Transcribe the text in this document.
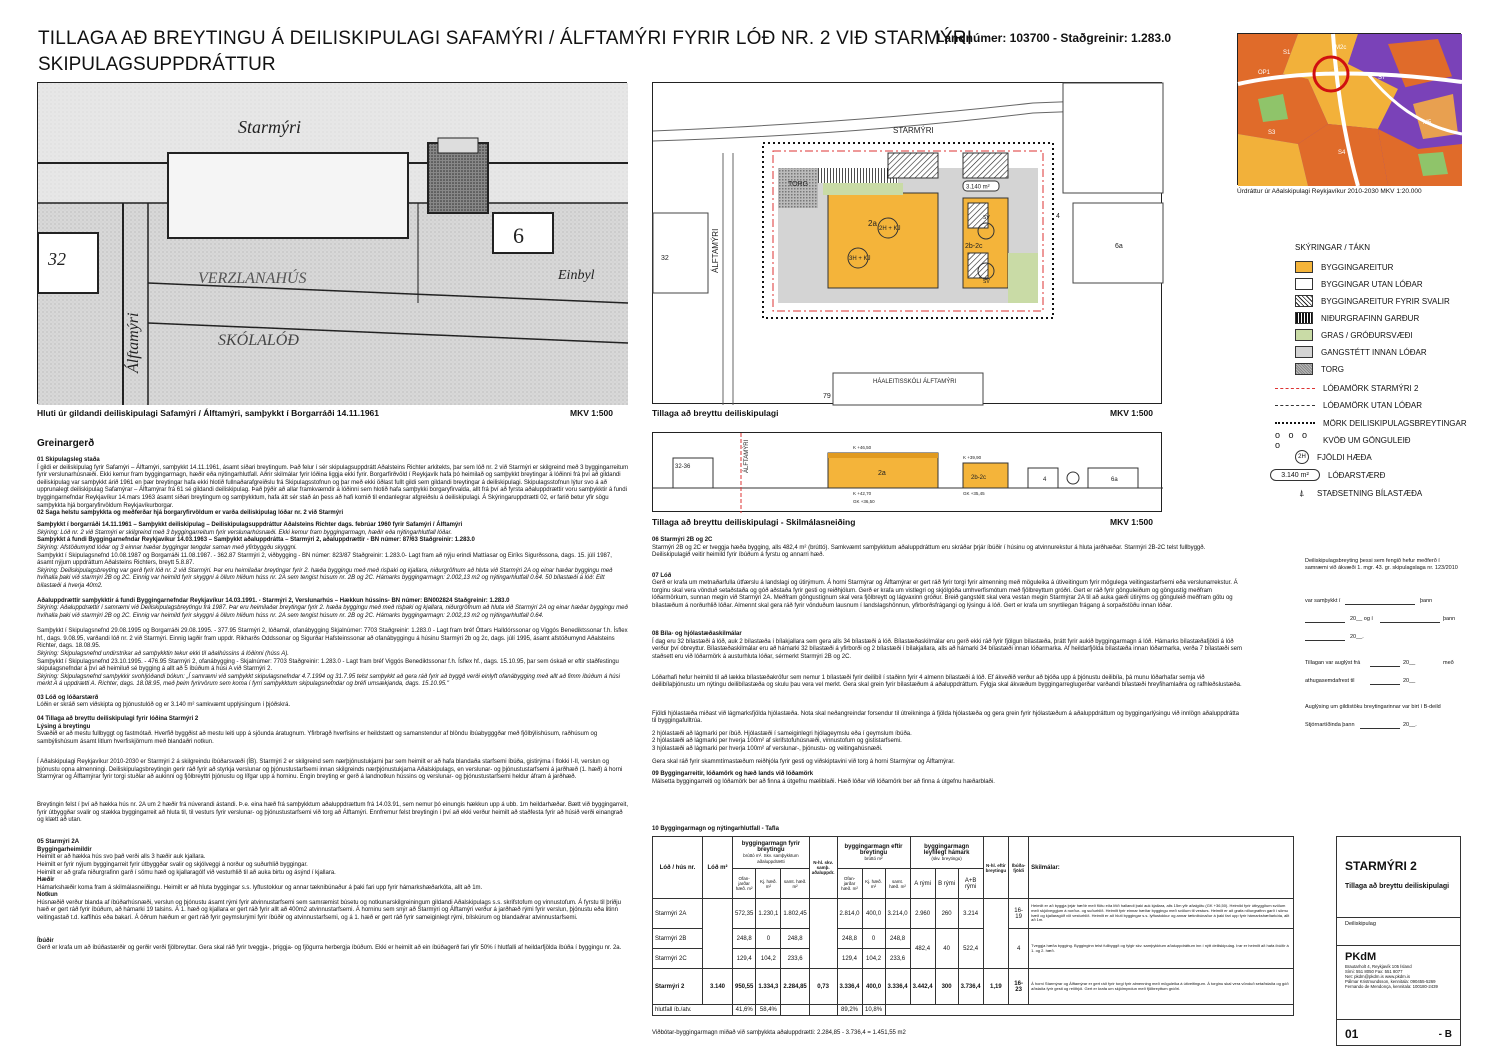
TILLAGA AÐ BREYTINGU Á DEILISKIPULAGI SAFAMÝRI / ÁLFTAMÝRI FYRIR LÓÐ NR. 2 VIÐ STARMÝRI
SKIPULAGSUPPDRÁTTUR
Landnúmer: 103700 - Staðgreinir: 1.283.0
OP1
S1
M2c
S7
S3
S4
M5
Úrdráttur úr Aðalskipulagi Reykjavíkur 2010-2030 MKV 1:20.000
SKÝRINGAR / TÁKN
BYGGINGAREITUR
BYGGINGAR UTAN LÓÐAR
BYGGINGAREITUR FYRIR SVALIR
NIÐURGRAFINN GARÐUR
GRAS / GRÓÐURSVÆÐI
GANGSTÉTT INNAN LÓÐAR
TORG
LÓÐAMÖRK STARMÝRI 2
LÓÐAMÖRK UTAN LÓÐAR
MÖRK DEILISKIPULAGSBREYTINGAR
o o o o	KVÖÐ UM GÖNGULEIÐ
2H	FJÖLDI HÆÐA
3.140 m²	LÓÐARSTÆRÐ
⍋	STAÐSETNING BÍLASTÆÐA
Starmýri
32
6
Einbyl
VERZLANAHÚS
SKÓLALÓÐ
Álftamýri
Hluti úr gildandi deiliskipulagi Safamýri / Álftamýri, samþykkt í Borgarráði 14.11.1961	MKV 1:500
2a
2b-2c
3H + KJ
2H + KJ
SV
SV
STARMÝRI
ÁLFTAMÝRI
TORG	3.140 m²
32
4
6a
79
HÁALEITISSKÓLI ÁLFTAMÝRI
Tillaga að breyttu deiliskipulagi	MKV 1:500
32-36	ÁLFTAMÝRI
2a
2b-2c	4	6a
K +46,50
K +42,70
GK +36,50
K +39,90
GK +35,45
Tillaga að breyttu deiliskipulagi - Skilmálasneiðing	MKV 1:500
Greinargerð
01 Skipulagsleg staða
Í gildi er deiliskipulag fyrir Safamýri – Álftamýri, samþykkt 14.11.1961, ásamt síðari breytingum. Það felur í sér skipulagsuppdrátt Aðalsteins Richter arkitekts, þar sem lóð nr. 2 við Starmýri er skilgreind með 3 byggingarreitum fyrir verslunarhúsnæði. Ekki kemur fram byggingarmagn, hæðir eða nýtingarhlutfall. Aðrir skilmálar fyrir lóðina liggja ekki fyrir. Borgarfirðvöld í Reykjavík hafa þó heimilað og samþykkt breytingar á lóðinni frá því að gildandi deiliskipulag var samþykkt árið 1961 en þær breytingar hafa ekki hlotið fullnaðarafgreiðslu frá Skipulagsstofnun og þar með ekki öðlast fullt gildi sem gildandi breytingar á deiliskipulagi. Skipulagsstofnun lýtur svo á að upprunalegt deiliskipulag Safamýrar – Álftamýrar frá 61 sé gildandi deiliskipulag. Það þýðir að allar framkvæmdir á lóðinni sem hlotið hafa samþykki borgaryfirvalda, allt frá því að fyrsta aðaluppdrættir voru samþykktir á fundi byggingarnefndar Reykjavíkur 14.mars 1963 ásamt síðari breytingum og samþykktum, hafa átt sér stað án þess að hafi komið til endanlegrar afgreiðslu á deiliskipulagi. Á Skýringaruppdrætti 02, er farið betur yfir sögu samþykkta hjá borgaryfirvöldum Reykjavíkurborgar.
02 Saga helstu samþykkta og meðferðar hjá borgaryfirvöldum er varða deiliskipulag lóðar nr. 2 við Starmýri
Samþykkt í borgarráði 14.11.1961 – Samþykkt deiliskipulag – Deiliskipulagsuppdráttur Aðalsteins Richter dags. febrúar 1960 fyrir Safamýri / Álftamýri
Skýring: Lóð nr. 2 við Starmýri er skilgreind með 3 byggingarreitum fyrir verslunarhúsnæði. Ekki kemur fram byggingarmagn, hæðir eða nýtingarhlutfall lóðar.
Samþykkt á fundi Byggingarnefndar Reykjavíkur 14.03.1963 – Samþykkt aðaluppdrátta – Starmýri 2, aðaluppdrættir - BN númer: 87/63 Staðgreinir: 1.283.0
Skýring: Afstöðumynd lóðar og 3 einnar hæðar byggingar tengdar saman með yfirbyggðu skyggni.
Samþykkt í Skipulagsnefnd 10.08.1987 og Borgarráði 11.08.1987. - 362.87 Starmýri 2, viðbygging - BN númer: 823/87 Staðgreinir: 1.283.0- Lagt fram að nýju erindi Mattíasar og Eiríks Sigurðssona, dags. 15. júlí 1987, ásamt nýjum uppdráttum Aðalsteins Richters, breytt 5.8.87.
Skýring: Deiliskipulagsbreyting var gerð fyrir lóð nr. 2 við Starmýri. Þar eru heimilaðar breytingar fyrir 2. hæða byggingu með með risþaki og kjallara, niðurgröfnum að hluta við Starmýri 2A og einar hæðar byggingu með hvíhalla þaki við starmýri 2B og 2C. Einnig var heimild fyrir skyggni á öllum hliðum húss nr. 2A sem tengist húsum nr. 2B og 2C. Hámarks byggingarmagn: 2.002,13 m2 og nýtingarhlutfall 0.64. 50 bílastæði á lóð: Eitt bílastæði á hverja 40m2.
Aðaluppdrættir samþykktir á fundi Byggingarnefndar Reykjavíkur 14.03.1991. - Starmýri 2, Verslunarhús – Hækkun hússins- BN númer: BN002824 Staðgreinir: 1.283.0
Skýring: Aðaluppdrættir í samræmi við Deiliskipulagsbreytingu frá 1987. Þar eru heimilaðar breytingar fyrir 2. hæða byggingu með með risþaki og kjallara, niðurgröfnum að hluta við Starmýri 2A og einar hæðar byggingu með hvíhalla þaki við starmýri 2B og 2C. Einnig var heimild fyrir skyggni á öllum hliðum húss nr. 2A sem tengist húsum nr. 2B og 2C. Hámarks byggingarmagn: 2.002,13 m2 og nýtingarhlutfall 0.64.
Samþykkt í Skipulagsnefnd 29.08.1995 og Borgarráði 29.08.1995. - 377.95 Starmýri 2, lóðamál, ofanábygging Skjalnúmer: 7703 Staðgreinir: 1.283.0 - Lagt fram bréf Óttars Halldórssonar og Viggós Benediktssonar f.h. Ísflex hf., dags. 9.08.95, varðandi lóð nr. 2 við Starmýri. Einnig lagðir fram uppdr. Rikharðs Oddssonar og Sigurðar Hafsteinssonar að ofanábyggingu á húsinu Starmýri 2b og 2c, dags. júlí 1995, ásamt afstöðumynd Aðalsteins Richter, dags. 18.08.95.
Skýring: Skipulagsnefnd undirstrikar að samþykktin tekur ekki til aðalhússins á lóðinni (húss A).
Samþykkt í Skipulagsnefnd 23.10.1995. - 476.95 Starmýri 2, ofanábygging - Skjalnúmer: 7703 Staðgreinir: 1.283.0 - Lagt fram bréf Viggós Benediktssonar f.h. Ísflex hf., dags. 15.10.95, þar sem óskað er eftir staðfestingu skipulagsnefndar á því að heimiluð sé bygging á allt að 5 íbúðum á húsi A við Starmýri 2.
Skýring: Skipulagsnefnd samþykkir svohljóðandi bókun: „Í samræmi við samþykkt skipulagsnefndar 4.7.1994 og 31.7.95 telst samþykkt að gera ráð fyrir að byggð verði einlyft ofanábygging með allt að fimm íbúðum á húsi merkt A á uppdrætti A. Richter, dags. 18.08.95, með þeim fyrirvörum sem koma í fyrri samþykktum skipulagsnefndar og bréfi umsækjanda, dags. 15.10.95."
03 Lóð og lóðarstærð
Lóðin er skráð sem viðskipta og þjónustulóð og er 3.140 m² samkvæmt upplýsingum í þjóðskrá.
04 Tillaga að breyttu deiliskipulagi fyrir lóðina Starmýri 2
Lýsing á breytingu
Svæðið er að mestu fullbyggt og fastmótað. Hverfið byggðist að mestu leiti upp á sjöunda áratugnum. Yfirbragð hverfisins er heildstætt og samanstendur af blöndu íbúabygggðar með fjölbýlishúsum, raðhúsum og sambýlishúsum ásamt litlum hverfiskjörnum með blandaðri notkun.
Í Aðalskipulagi Reykjavíkur 2010-2030 er Starmýri 2 á skilgreindu íbúðarsvæði (ÍB). Starmýri 2 er skilgreind sem nærþjónustukjarni þar sem heimilt er að hafa blandaða starfsemi íbúða, gistirýma í flokki I-II, verslun og þjónustu opna almenningi. Deiliskipulagsbreytingin gerir ráð fyrir að styrkja verslunar og þjónustustarfsemi innan skilgreinds nærþjónustukjarna Aðalskipulags, en verslunar- og þjónustustarfsemi á jarðhæð (1. hæð) á horni Starmýrar og Álftamýrar fyrir torgi stuðlar að aukinni og fjölbreyttri þjónustu og lífgar upp á horninu. Engin breyting er gerð á landnotkun hússins og verslunar- og þjónustustarfsemi heldur áfram á jarðhæð.
Breytingin felst í því að hækka hús nr. 2A um 2 hæðir frá núverandi ástandi. Þ.e. eina hæð frá samþykktum aðaluppdrættum frá 14.03.91, sem nemur þó einungis hækkun upp á ubb. 1m heildarhæðar. Bætt við byggingarreit, fyrir útbyggðar svalir og stækka byggingarreit að hluta til, til vesturs fyrir verslunar- og þjónustustarfsemi við torg að Álftamýri. Ennfremur felst breytingin í því að ekki verður heimilt að staðfesta fyrir að húsið verði einangrað og klætt að utan.
05 Starmýri 2A
Byggingarheimildir
Heimilt er að hækka hús svo það verði alls 3 hæðir auk kjallara.
Heimilt er fyrir nýjum byggingarreit fyrir útbyggðar svalir og skjólveggi á norður og suðurhlið byggingar.
Heimilt er að grafa niðurgrafinn garð í sömu hæð og kjallaragólf við vesturhlið til að auka birtu og ásýnd í kjallara.
Hæðir
Hámarkshæðir koma fram á skilmálasneiðingu. Heimilt er að hluta byggingar s.s. lyftustokkur og annar tæknibúnaður á þaki fari upp fyrir hámarkshæðarkóta, allt að 1m.
Notkun
Húsnæðið verður blanda af íbúðarhúsnæði, verslun og þjónustu ásamt rými fyrir atvinnustarfsemi sem samræmist búsetu og notkunarskilgreiningum gildandi Aðalskipulags s.s. skrifstofum og vinnustofum. Á fyrstu til þriðju hæð er gert ráð fyrir íbúðum, að hámarki 19 talsins. Á 1. hæð og kjallara er gert ráð fyrir allt að 400m2 atvinnustarfsemi. Á horninu sem snýr að Starmýri og Álftamýri verður á jarðhæð rými fyrir verslun, þjónustu eða litinn veitingastað t.d. kaffihús eða bakarí. Á öðrum hæðum er gert ráð fyrir geymslurými fyrir íbúðir og atvinnustarfsemi, og á 1. hæð er gert ráð fyrir sameiginlegt rými, bílskúrum og blandaðrar atvinnustarfsemi.
Íbúðir
Gerð er krafa um að íbúðastærðir og gerðir verði fjölbreyttar. Gera skal ráð fyrir tveggja-, þriggja- og fjögurra herbergja íbúðum. Ekki er heimilt að ein íbúðagerð fari yfir 50% í hlutfalli af heildarfjölda íbúða í byggingu nr. 2a.
06 Starmýri 2B og 2C
Starmýri 2B og 2C er tveggja hæða bygging, alls 482,4 m² (brúttó). Samkvæmt samþykktum aðaluppdráttum eru skráðar þrjár íbúðir í húsinu og atvinnurekstur á hluta jarðhæðar. Starmýri 2B-2C telst fullbyggð. Deiliskipulagið veitir heimild fyrir íbúðum á fyrstu og annarri hæð.
07 Lóð
Gerð er krafa um metnaðarfulla útfærslu á landslagi og útirýmum. Á horni Starmýrar og Álftamýrar er gert ráð fyrir torgi fyrir almenning með möguleika á útiveitingum fyrir mögulega veitingastarfsemi eða verslunarrekstur. Á torginu skal vera vönduð setaðstaða og góð aðstaða fyrir gesti og reiðhjólum. Gerð er krafa um vistlegri og skjólgóða umhverfismótum með fjölbreyttum gróðri. Gert er ráð fyrir gönguleiðum og göngustíg meðfram lóðarmörkum, sunnan megin við Starmýri 2A. Meðfram göngustígnum skal vera fjölbreytt og lágvaxinn gróður. Breið gangstétt skal vera vestan megin Starmýrar 2A til að auka gæði útirýms og gönguleið meðfram götu og bílastæðum á norðurhlið lóðar. Almennt skal gera ráð fyrir vönduðum lausnum í landslagshönnun, yfirborðsfrágangi og lýsingu á lóð. Gert er krafa um snyrtilegan frágang á sorpaðstöðu innan lóðar.
08 Bíla- og hjólastæðaskilmálar
Í dag eru 32 bílastæði á lóð, auk 2 bílastæða í bílakjallara sem gera alls 34 bílastæði á lóð. Bílastæðaskilmálar eru gerð ekki ráð fyrir fjölgun bílastæða, þrátt fyrir aukið byggingarmagn á lóð. Hámarks bílastæðafjöldi á lóð verður því óbreyttur. Bílastæðaskilmálar eru að hámarki 32 bílastæði á yfirborði og 2 bílastæði í bílakjallara, alls að hámarki 34 bílastæði innan lóðarmarka. Af heildarfjölda bílastæða innan lóðarmarka, verða 7 bílastæði sem staðsett eru við lóðarmörk á austurhluta lóðar, sérmerkt Starmýri 2B og 2C.
Lóðarhafi hefur heimild til að lækka bílastæðakröfur sem nemur 1 bílastæði fyrir deilibíl í staðinn fyrir 4 almenn bílastæði á lóð. Ef ákveðið verður að bjóða upp á þjónustu deilibíla, þá munu lóðarhafar semja við deilibílaþjónustu um nýtingu deilibílastæða og skulu þau vera vel merkt. Gera skal grein fyrir bílastæðum á aðaluppdráttum. Fylgja skal ákvæðum byggingarreglugerðar varðandi bílastæði hreyfihamlaðra og rafhleðslustæða.
Fjöldi hjólastæða miðast við lágmarksfjölda hjólastæða. Nota skal neðangreindar forsendur til útreikninga á fjölda hjólastæða og gera grein fyrir hjólastæðum á aðaluppdráttum og byggingarlýsingu við innlögn aðaluppdrátta til byggingafulltrúa.
2 hjólastæði að lágmarki per íbúð. Hjólastæði í sameiginlegri hjólageymslu eða í geymslum íbúða.
2 hjólastæði að lágmarki per hverja 100m² af skrifstofuhúsnæði, vinnustofum og gististarfsemi.
3 hjólastæði að lágmarki per hverja 100m² af verslunar-, þjónustu- og veitingahúsnæði.
Gera skal ráð fyrir skammtímastæðum reiðhjóla fyrir gesti og viðskiptavini við torg á horni Starmýrar og Álftamýrar.
09 Byggingarreitir, lóðamörk og hæð lands við lóðamörk
Málsetta byggingarreiti og lóðamörk ber að finna á útgefnu mæliblaði. Hæð lóðar við lóðamörk ber að finna á útgefnu hæðarblaði.
10 Byggingarmagn og nýtingarhlutfall - Tafla
Lóð / hús nr.	Lóð m²	byggingarmagn fyrir breytingu
brúttó m². Skv. samþykktum aðaluppdrætti			N-hl. skv. samþ. aðaluppdr.	byggingarmagn eftir breytingu
brúttó m²			byggingarmagn leyfilegt hámark
(skv. breytingu)			N-hl. eftir breytingu	Íbúða-fjöldi	Skilmálar:
		Ofan-jarðar hæð. m²	Kj. hæð. m²	samt. hæð. m²		Ofan-jarðar hæð. m²	Kj. hæð. m²	samt. hæð. m²	A rými	B rými	A+B rými			
Starmýri 2A		572,35	1.230,1	1.802,45		2.814,0	400,0	3.214,0	2.960	260	3.214		16-19	Heimilt er að byggja þrjár hæðir með flötu eða lítið hallandi þaki auk kjallara, alls 15m yfir aðalgötu (GK +36,50). Heimild fyrir útbyggðum svölum með skjólveggjum á norður- og suðurhlið. Heimilt fyrir einnar hæðar byggingu með svölum til vesturs. Heimilt er að grafa niðurgrafinn garð í sömu hæð og kjallaragólf við vesturhlið. Heimilt er að hluti byggingar s.s. lyftustokkur og annar tæknibúnaður á þaki fari upp fyrir hámarkshæðarkóta, allt að 1m.
Starmýri 2B		248,8	0	248,8		248,8	0	248,8	482,4	40	522,4		4	Tveggja hæða bygging. Bygginginn telst fullbyggð og fylgir skv. samþykktum aðaluppdráttum inn í nýtt deiliskipulag. Þar er heimilt að hafa íbúðir á 1. og 2. hæð.
Starmýri 2C		129,4	104,2	233,6		129,4	104,2	233,6						
Starmýri 2	3.140	950,55	1.334,3	2.284,85	0,73	3.336,4	400,0	3.336,4	3.442,4	300	3.736,4	1,19	16-23	Á horni Starmýrar og Álftamýrar er gert ráð fyrir torgi fyrir almenning með möguleika á útiveitingum. Á torginu skal vera vönduð setaðstaða og góð aðstaða fyrir gesti og reiðhjól. Gert er krafa um skjólmyndun með fjölbreyttum gróðri.
hlutfall íb./atv.		41,6%	58,4%			89,2%	10,8%							
Viðbótar-byggingarmagn miðað við samþykkta aðaluppdrætti: 2.284,85 - 3.736,4 = 1.451,55 m2
Deiliskipulagsbreyting þessi sem fengið hefur meðferð í samræmi við ákvæði 1. mgr. 43. gr. skipulagslaga nr. 123/2010
var samþykkt í	þann
20__ og í	þann
20__.
Tillagan var auglýst frá	20__	með
athugasemdafrest til	20__
Auglýsing um gildistöku breytingarinnar var birt í B-deild
Stjórnartíðinda þann	20__.
STARMÝRI 2
Tillaga að breyttu deiliskipulagi
Deiliskipulag
PKdM
Brautarholt 4, Reykjavík 105 Ísland
Sími: 551 8050 Fax: 551 8077
Net: pkdm@pkdm.is www.pkdm.is
Pálmar Kristmundsson, kennitala: 090455-5269
Fernando de Mendonça, kennitala: 100180-2439
01	- B
